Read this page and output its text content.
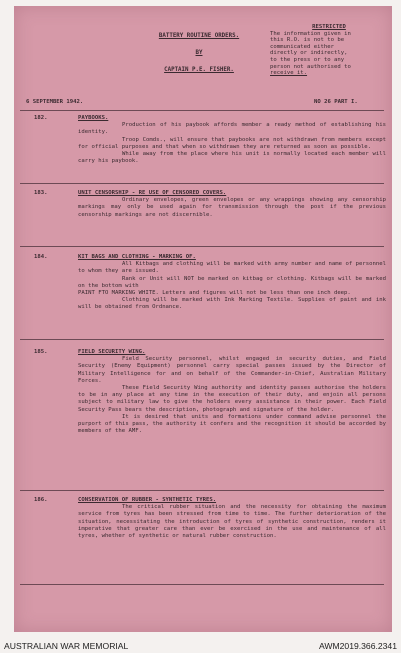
BATTERY ROUTINE ORDERS.
BY
CAPTAIN P.E. FISHER.
RESTRICTED
The information given in
this R.O. is not to be
communicated either
directly or indirectly,
to the press or to any
person not authorised to
receive it.
6 SEPTEMBER 1942.	NO 26 PART I.
182.	PAYBOOKS.
Production of his paybook affords member a ready method of establishing his identity.
Troop Comds., will ensure that paybooks are not withdrawn from members except for official purposes and that when so withdrawn they are returned as soon as possible.
While away from the place where his unit is normally located each member will carry his paybook.
183.	UNIT CENSORSHIP - RE USE OF CENSORED COVERS.
Ordinary envelopes, green envelopes or any wrappings showing any censorship markings may only be used again for transmission through the post if the previous censorship markings are not discernible.
184.	KIT BAGS AND CLOTHING - MARKING OF.
All Kitbags and clothing will be marked with army number and name of personnel to whom they are issued.
Rank or Unit will NOT be marked on kitbag or clothing. Kitbags will be marked on the bottom with
PAINT FTO MARKING WHITE. Letters and figures will not be less than one inch deep.
Clothing will be marked with Ink Marking Textile. Supplies of paint and ink will be obtained from Ordnance.
185.	FIELD SECURITY WING.
Field Security personnel, whilst engaged in security duties, and Field Security (Enemy Equipment) personnel carry special passes issued by the Director of Military Intelligence for and on behalf of the Commander-in-Chief, Australian Military Forces.
These Field Security Wing authority and identity passes authorise the holders to be in any place at any time in the execution of their duty, and enjoin all persons subject to military law to give the holders every assistance in their power. Each Field Security Pass bears the description, photograph and signature of the holder.
It is desired that units and formations under command advise personnel the purport of this pass, the authority it confers and the recognition it should be accorded by members of the AMF.
186.	CONSERVATION OF RUBBER - SYNTHETIC TYRES.
The critical rubber situation and the necessity for obtaining the maximum service from tyres has been stressed from time to time. The further deterioration of the situation, necessitating the introduction of tyres of synthetic construction, renders it imperative that greater care than ever be exercised in the use and maintenance of all tyres, whether of synthetic or natural rubber construction.
AUSTRALIAN WAR MEMORIAL	AWM2019.366.2341
